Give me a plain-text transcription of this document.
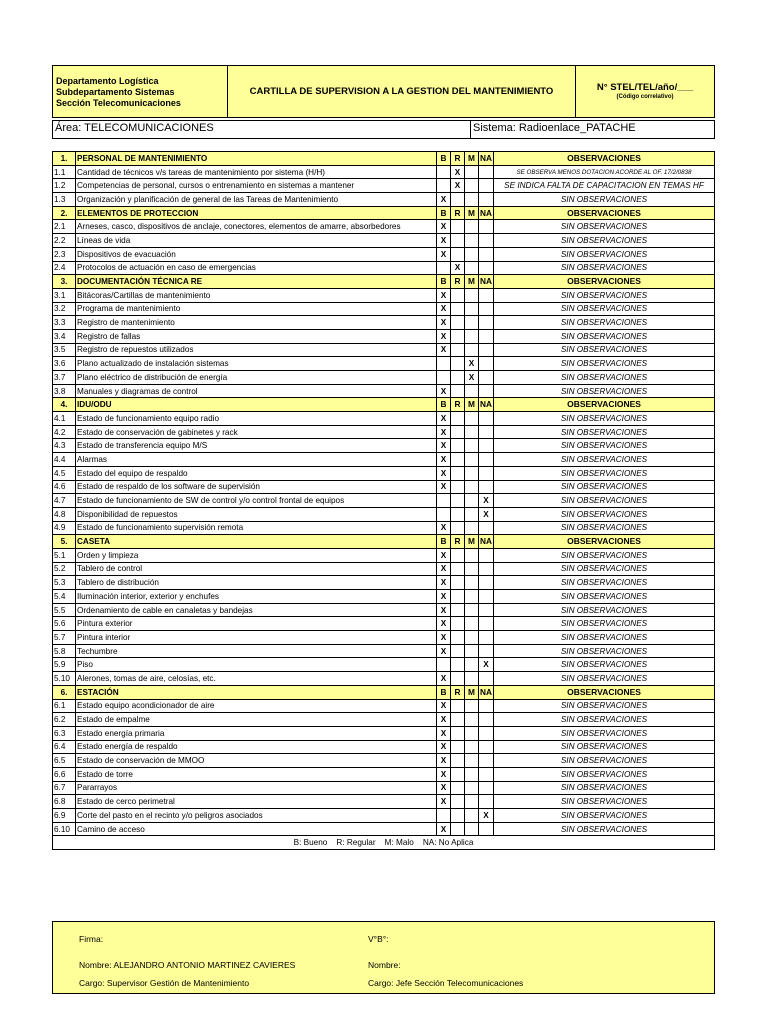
Departamento Logística
Subdepartamento Sistemas
Sección Telecomunicaciones
CARTILLA DE SUPERVISION A LA GESTION DEL MANTENIMIENTO	N° STEL/TEL/año/___
(Código correlativo)
Área: TELECOMUNICACIONES	Sistema: Radioenlace_PATACHE
1.	PERSONAL DE MANTENIMIENTO	B	R	M	NA	OBSERVACIONES
1.1	Cantidad de técnicos v/s tareas de mantenimiento por sistema (H/H)		X			SE OBSERVA MENOS DOTACION ACORDE AL OF. 17/2/0838
1.2	Competencias de personal, cursos o entrenamiento en sistemas a mantener		X			SE INDICA FALTA DE CAPACITACION EN TEMAS HF
1.3	Organización y planificación de general de las Tareas de Mantenimiento	X				SIN OBSERVACIONES
2.	ELEMENTOS DE PROTECCION	B	R	M	NA	OBSERVACIONES
2.1	Arneses, casco, dispositivos de anclaje, conectores, elementos de amarre, absorbedores	X				SIN OBSERVACIONES
2.2	Líneas de vida	X				SIN OBSERVACIONES
2.3	Dispositivos de evacuación	X				SIN OBSERVACIONES
2.4	Protocolos de actuación en caso de emergencias		X			SIN OBSERVACIONES
3.	DOCUMENTACIÓN TÉCNICA RE	B	R	M	NA	OBSERVACIONES
3.1	Bitácoras/Cartillas de mantenimiento	X				SIN OBSERVACIONES
3.2	Programa de mantenimiento	X				SIN OBSERVACIONES
3.3	Registro de mantenimiento	X				SIN OBSERVACIONES
3.4	Registro de fallas	X				SIN OBSERVACIONES
3.5	Registro de repuestos utilizados	X				SIN OBSERVACIONES
3.6	Plano actualizado de instalación sistemas			X		SIN OBSERVACIONES
3.7	Plano eléctrico de distribución de energía			X		SIN OBSERVACIONES
3.8	Manuales y diagramas de control	X				SIN OBSERVACIONES
4.	IDU/ODU	B	R	M	NA	OBSERVACIONES
4.1	Estado de funcionamiento equipo radio	X				SIN OBSERVACIONES
4.2	Estado de conservación de gabinetes y rack	X				SIN OBSERVACIONES
4.3	Estado de transferencia equipo M/S	X				SIN OBSERVACIONES
4.4	Alarmas	X				SIN OBSERVACIONES
4.5	Estado del equipo de respaldo	X				SIN OBSERVACIONES
4.6	Estado de respaldo de los software de supervisión	X				SIN OBSERVACIONES
4.7	Estado de funcionamiento de SW de control y/o control frontal de equipos				X	SIN OBSERVACIONES
4.8	Disponibilidad de repuestos				X	SIN OBSERVACIONES
4.9	Estado de funcionamiento supervisión remota	X				SIN OBSERVACIONES
5.	CASETA	B	R	M	NA	OBSERVACIONES
5.1	Orden y limpieza	X				SIN OBSERVACIONES
5.2	Tablero de control	X				SIN OBSERVACIONES
5.3	Tablero de distribución	X				SIN OBSERVACIONES
5.4	Iluminación interior, exterior y enchufes	X				SIN OBSERVACIONES
5.5	Ordenamiento de cable en canaletas y bandejas	X				SIN OBSERVACIONES
5.6	Pintura exterior	X				SIN OBSERVACIONES
5.7	Pintura interior	X				SIN OBSERVACIONES
5.8	Techumbre	X				SIN OBSERVACIONES
5.9	Piso				X	SIN OBSERVACIONES
5.10	Alerones, tomas de aire, celosías, etc.	X				SIN OBSERVACIONES
6.	ESTACIÓN	B	R	M	NA	OBSERVACIONES
6.1	Estado equipo acondicionador de aire	X				SIN OBSERVACIONES
6.2	Estado de empalme	X				SIN OBSERVACIONES
6.3	Estado energía primaria	X				SIN OBSERVACIONES
6.4	Estado energía de respaldo	X				SIN OBSERVACIONES
6.5	Estado de conservación de MMOO	X				SIN OBSERVACIONES
6.6	Estado de torre	X				SIN OBSERVACIONES
6.7	Pararrayos	X				SIN OBSERVACIONES
6.8	Estado de cerco perimetral	X				SIN OBSERVACIONES
6.9	Corte del pasto en el recinto y/o peligros asociados				X	SIN OBSERVACIONES
6.10	Camino de acceso	X				SIN OBSERVACIONES
B: Bueno    R: Regular    M: Malo    NA: No Aplica						
Firma:	V°B°:
Nombre: ALEJANDRO ANTONIO MARTINEZ CAVIERES	Nombre:
Cargo: Supervisor Gestión de Mantenimiento	Cargo: Jefe Sección Telecomunicaciones
